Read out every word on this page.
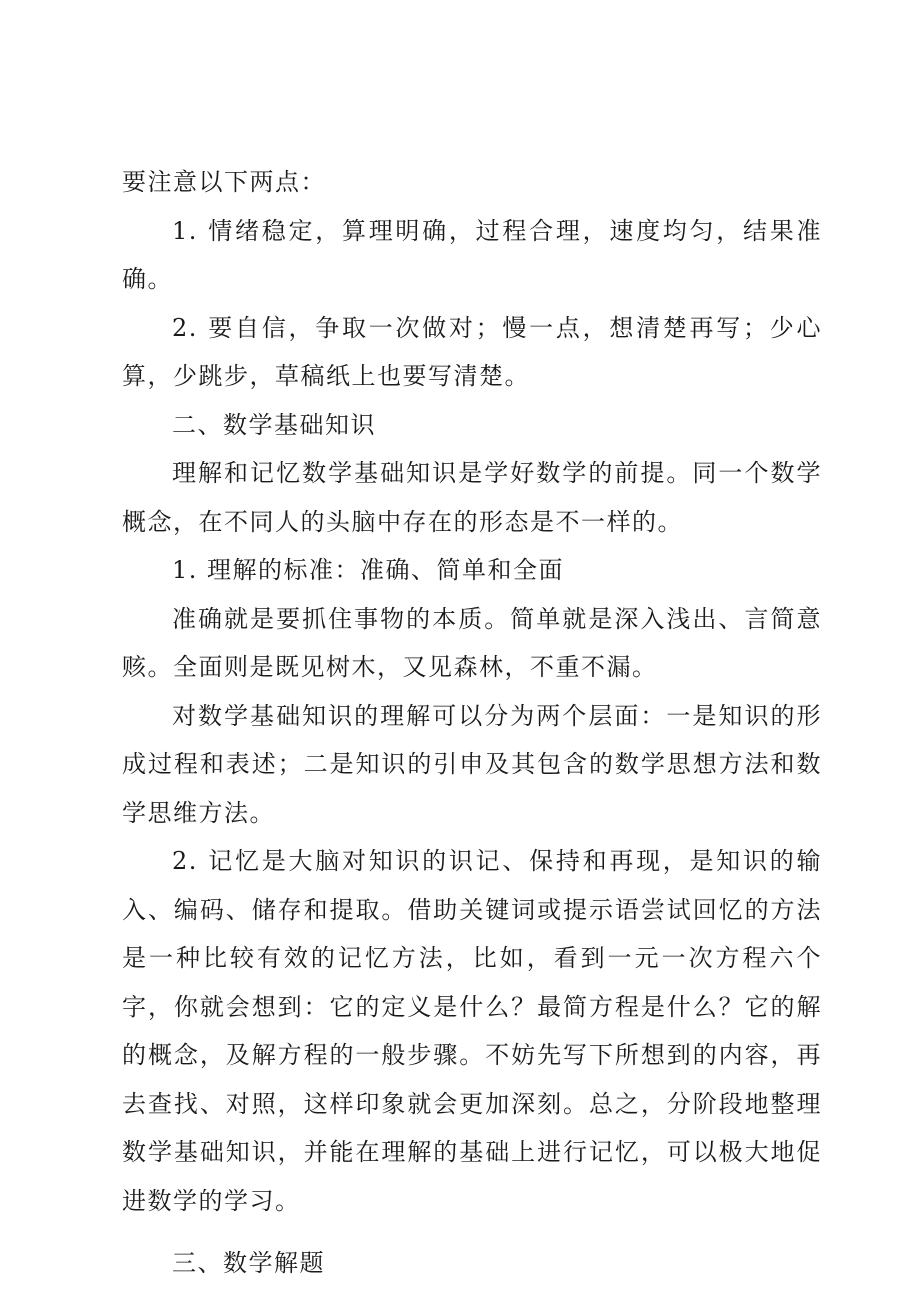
要注意以下两点：

1. 情绪稳定，算理明确，过程合理，速度均匀，结果准确。

2. 要自信，争取一次做对；慢一点，想清楚再写；少心算，少跳步，草稿纸上也要写清楚。

二、数学基础知识

理解和记忆数学基础知识是学好数学的前提。同一个数学概念，在不同人的头脑中存在的形态是不一样的。

1. 理解的标准：准确、简单和全面

准确就是要抓住事物的本质。简单就是深入浅出、言简意赅。全面则是既见树木，又见森林，不重不漏。

对数学基础知识的理解可以分为两个层面：一是知识的形成过程和表述；二是知识的引申及其包含的数学思想方法和数学思维方法。

2. 记忆是大脑对知识的识记、保持和再现，是知识的输入、编码、储存和提取。借助关键词或提示语尝试回忆的方法是一种比较有效的记忆方法，比如，看到一元一次方程六个字，你就会想到：它的定义是什么？最简方程是什么？它的解的概念，及解方程的一般步骤。不妨先写下所想到的内容，再去查找、对照，这样印象就会更加深刻。总之，分阶段地整理数学基础知识，并能在理解的基础上进行记忆，可以极大地促进数学的学习。

三、数学解题
